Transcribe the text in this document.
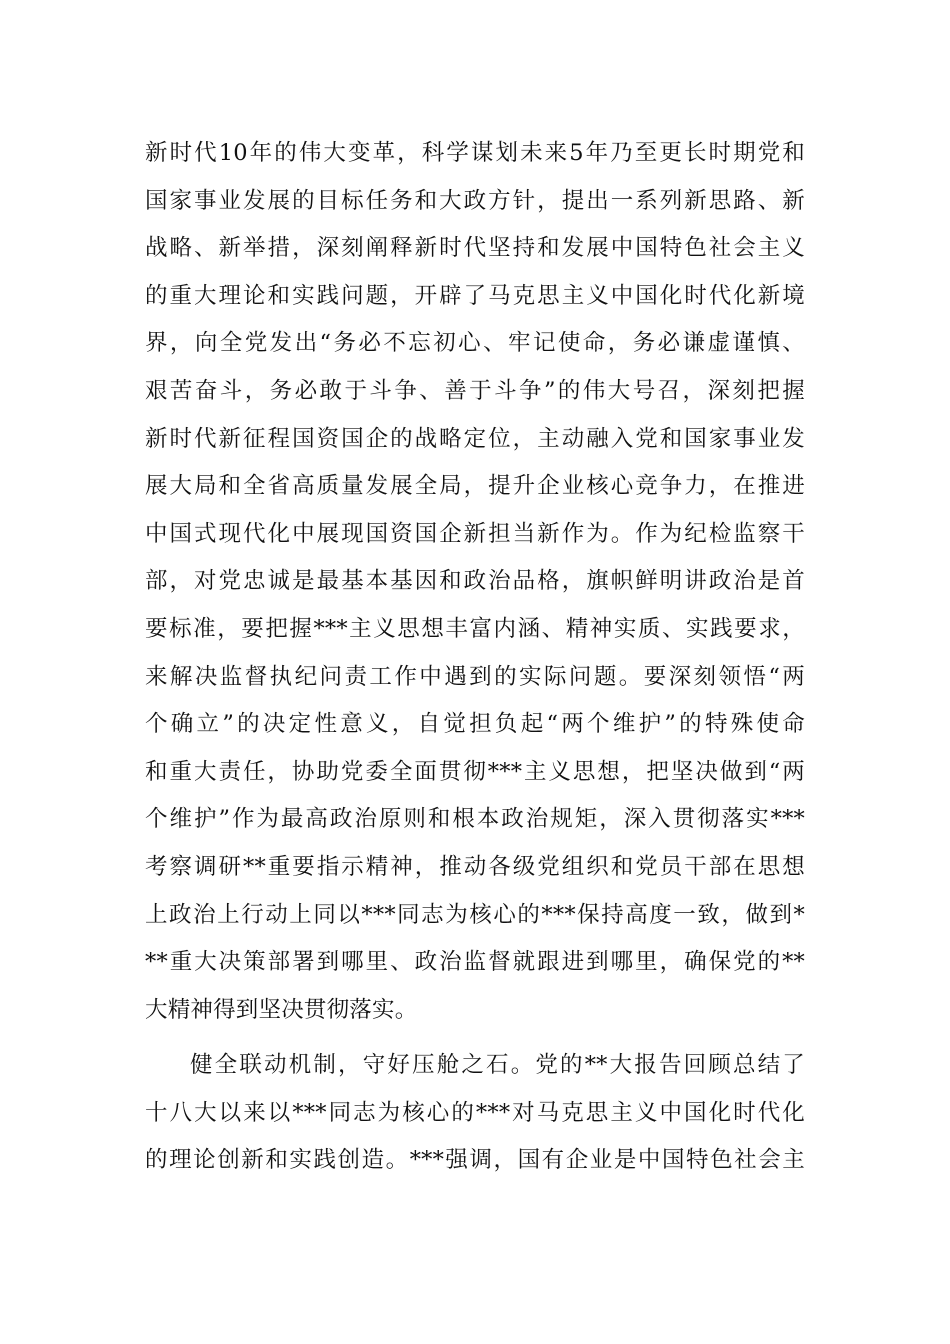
新时代10年的伟大变革，科学谋划未来5年乃至更长时期党和
国家事业发展的目标任务和大政方针，提出一系列新思路、新
战略、新举措，深刻阐释新时代坚持和发展中国特色社会主义
的重大理论和实践问题，开辟了马克思主义中国化时代化新境
界，向全党发出“务必不忘初心、牢记使命，务必谦虚谨慎、
艰苦奋斗，务必敢于斗争、善于斗争”的伟大号召，深刻把握
新时代新征程国资国企的战略定位，主动融入党和国家事业发
展大局和全省高质量发展全局，提升企业核心竞争力，在推进
中国式现代化中展现国资国企新担当新作为。作为纪检监察干
部，对党忠诚是最基本基因和政治品格，旗帜鲜明讲政治是首
要标准，要把握***主义思想丰富内涵、精神实质、实践要求，
来解决监督执纪问责工作中遇到的实际问题。要深刻领悟“两
个确立”的决定性意义，自觉担负起“两个维护”的特殊使命
和重大责任，协助党委全面贯彻***主义思想，把坚决做到“两
个维护”作为最高政治原则和根本政治规矩，深入贯彻落实***
考察调研**重要指示精神，推动各级党组织和党员干部在思想
上政治上行动上同以***同志为核心的***保持高度一致，做到*
**重大决策部署到哪里、政治监督就跟进到哪里，确保党的**
大精神得到坚决贯彻落实。
健全联动机制，守好压舱之石。党的**大报告回顾总结了
十八大以来以***同志为核心的***对马克思主义中国化时代化
的理论创新和实践创造。***强调，国有企业是中国特色社会主
